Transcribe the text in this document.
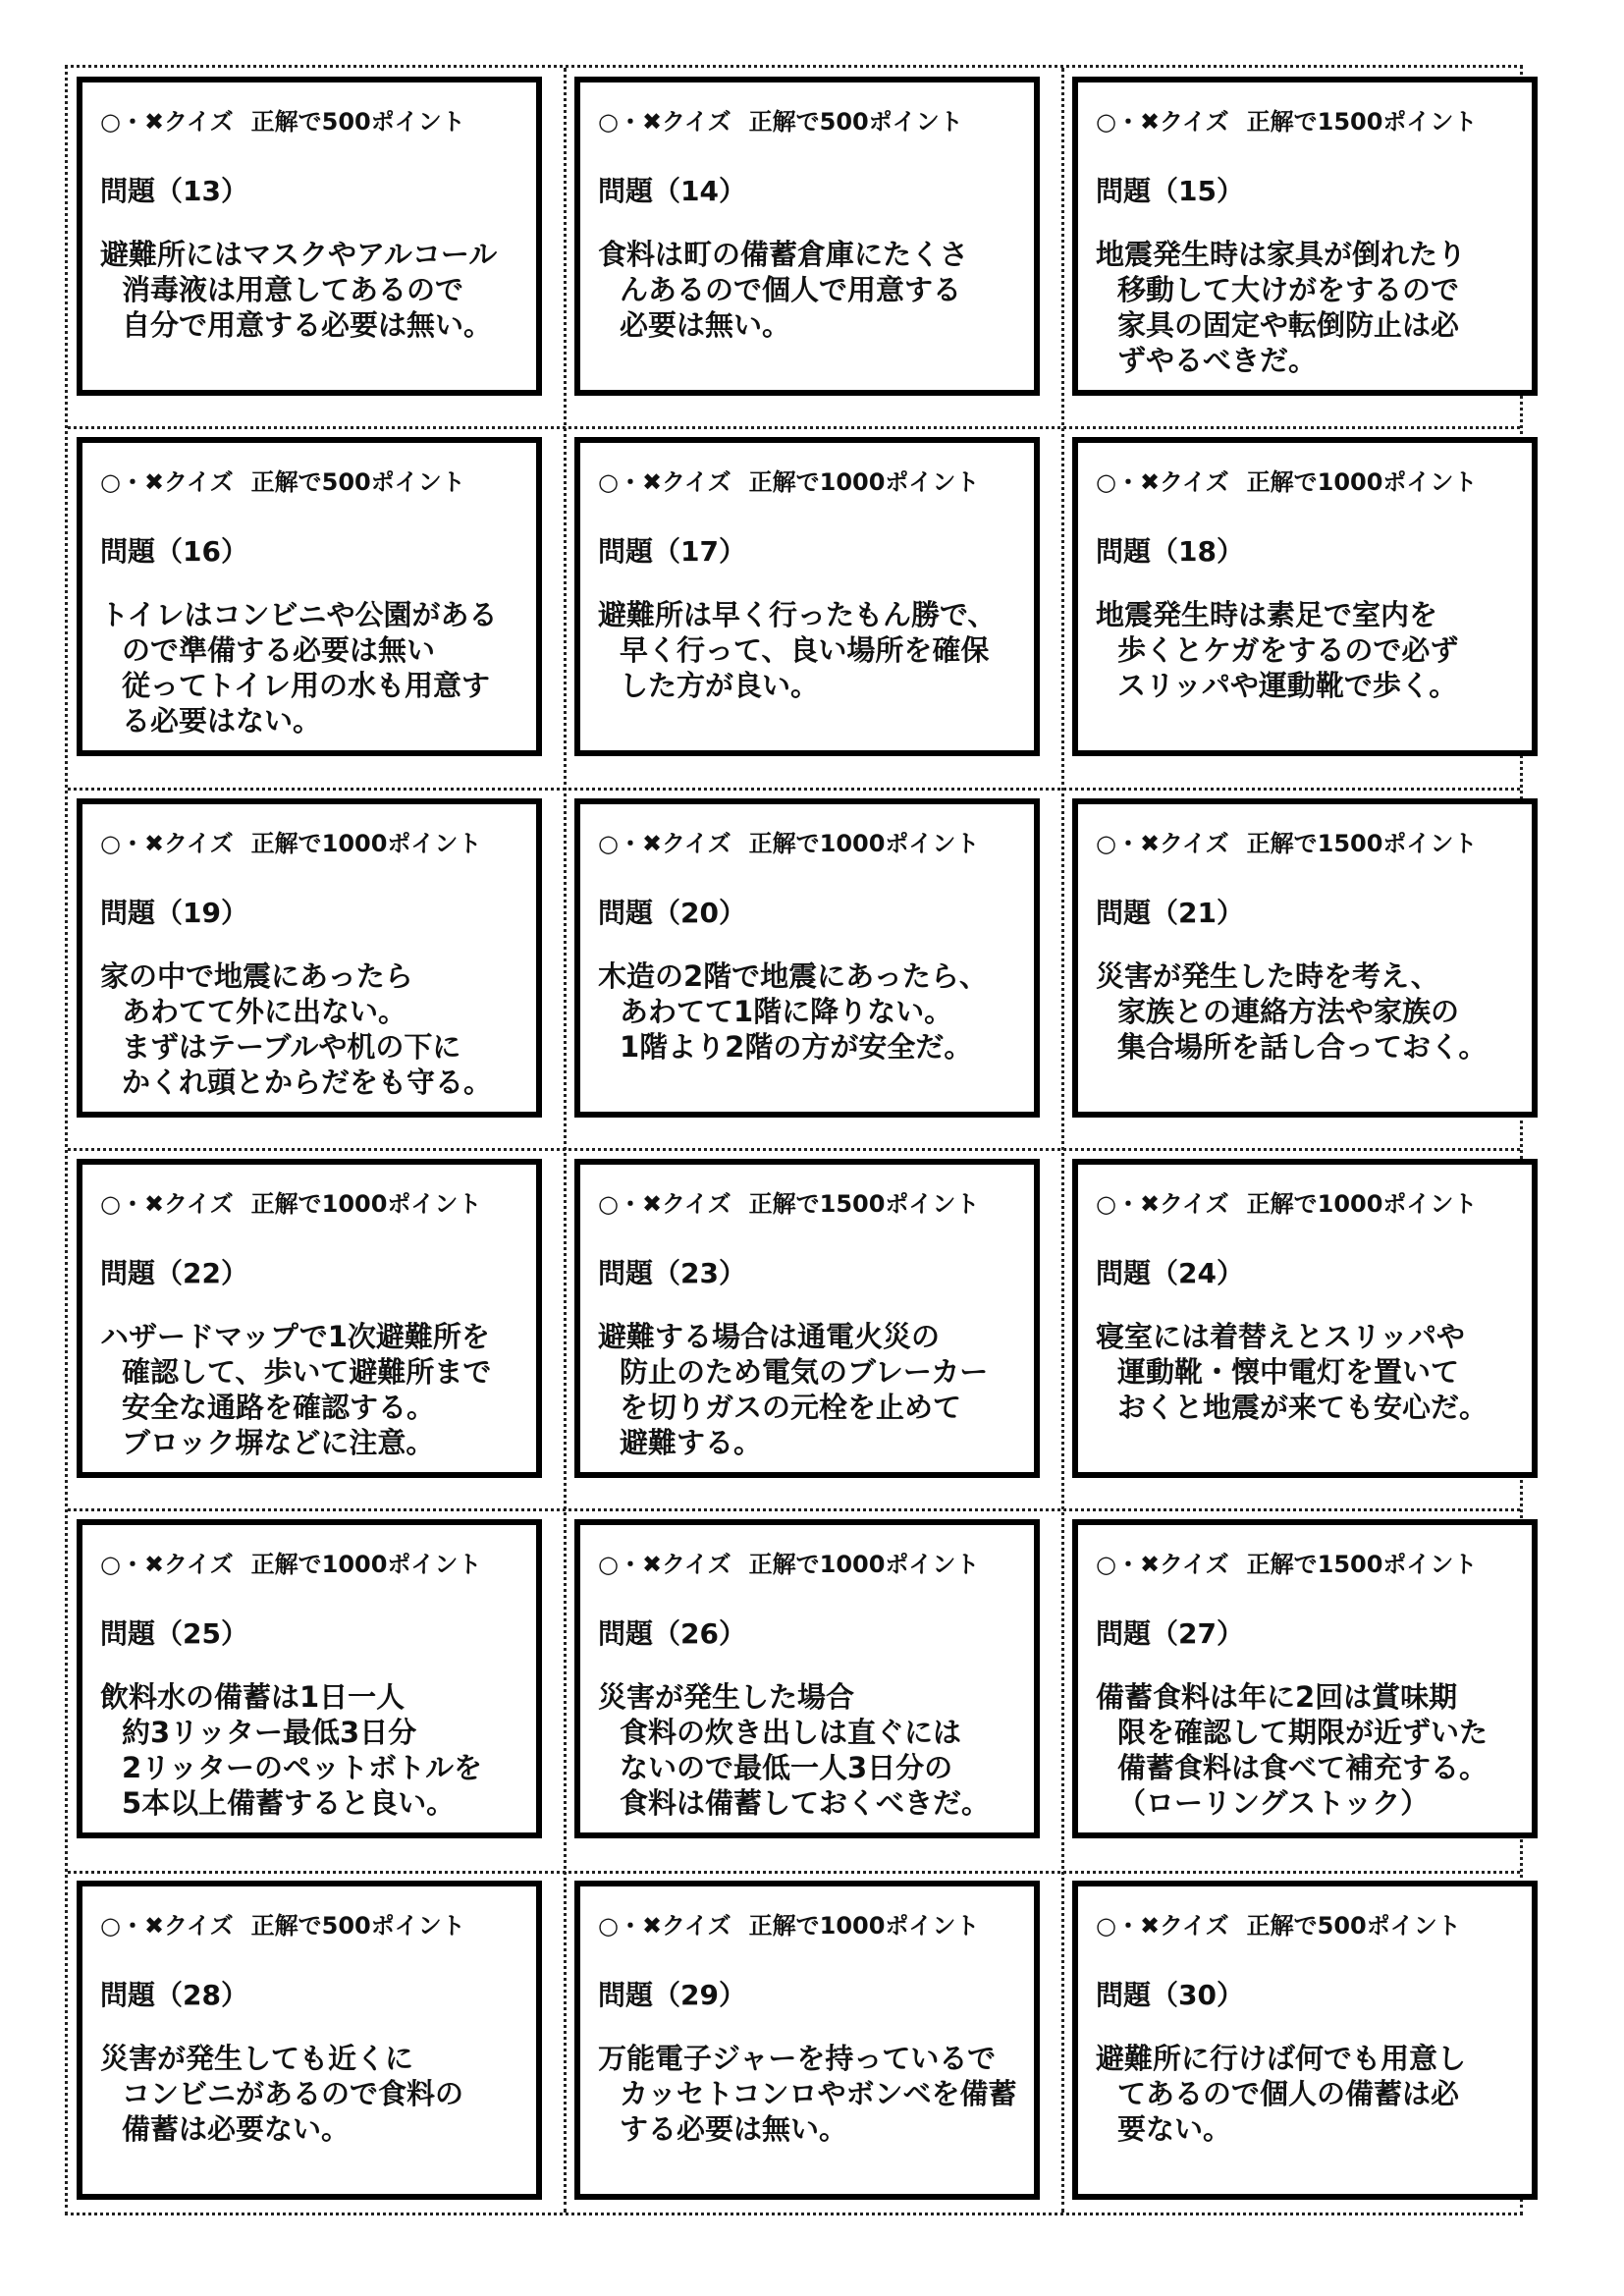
○・✖クイズ 正解で500ポイント
問題（13）
避難所にはマスクやアルコール
消毒液は用意してあるので
自分で用意する必要は無い。
○・✖クイズ 正解で500ポイント
問題（14）
食料は町の備蓄倉庫にたくさ
んあるので個人で用意する
必要は無い。
○・✖クイズ 正解で1500ポイント
問題（15）
地震発生時は家具が倒れたり
移動して大けがをするので
家具の固定や転倒防止は必
ずやるべきだ。
○・✖クイズ 正解で500ポイント
問題（16）
トイレはコンビニや公園がある
ので準備する必要は無い
従ってトイレ用の水も用意す
る必要はない。
○・✖クイズ 正解で1000ポイント
問題（17）
避難所は早く行ったもん勝で、
早く行って、良い場所を確保
した方が良い。
○・✖クイズ 正解で1000ポイント
問題（18）
地震発生時は素足で室内を
歩くとケガをするので必ず
スリッパや運動靴で歩く。
○・✖クイズ 正解で1000ポイント
問題（19）
家の中で地震にあったら
あわてて外に出ない。
まずはテーブルや机の下に
かくれ頭とからだをも守る。
○・✖クイズ 正解で1000ポイント
問題（20）
木造の2階で地震にあったら、
あわてて1階に降りない。
1階より2階の方が安全だ。
○・✖クイズ 正解で1500ポイント
問題（21）
災害が発生した時を考え、
家族との連絡方法や家族の
集合場所を話し合っておく。
○・✖クイズ 正解で1000ポイント
問題（22）
ハザードマップで1次避難所を
確認して、歩いて避難所まで
安全な通路を確認する。
ブロック塀などに注意。
○・✖クイズ 正解で1500ポイント
問題（23）
避難する場合は通電火災の
防止のため電気のブレーカー
を切りガスの元栓を止めて
避難する。
○・✖クイズ 正解で1000ポイント
問題（24）
寝室には着替えとスリッパや
運動靴・懐中電灯を置いて
おくと地震が来ても安心だ。
○・✖クイズ 正解で1000ポイント
問題（25）
飲料水の備蓄は1日一人
約3リッター最低3日分
2リッターのペットボトルを
5本以上備蓄すると良い。
○・✖クイズ 正解で1000ポイント
問題（26）
災害が発生した場合
食料の炊き出しは直ぐには
ないので最低一人3日分の
食料は備蓄しておくべきだ。
○・✖クイズ 正解で1500ポイント
問題（27）
備蓄食料は年に2回は賞味期
限を確認して期限が近ずいた
備蓄食料は食べて補充する。
（ローリングストック）
○・✖クイズ 正解で500ポイント
問題（28）
災害が発生しても近くに
コンビニがあるので食料の
備蓄は必要ない。
○・✖クイズ 正解で1000ポイント
問題（29）
万能電子ジャーを持っているで
カッセトコンロやボンベを備蓄
する必要は無い。
○・✖クイズ 正解で500ポイント
問題（30）
避難所に行けば何でも用意し
てあるので個人の備蓄は必
要ない。
